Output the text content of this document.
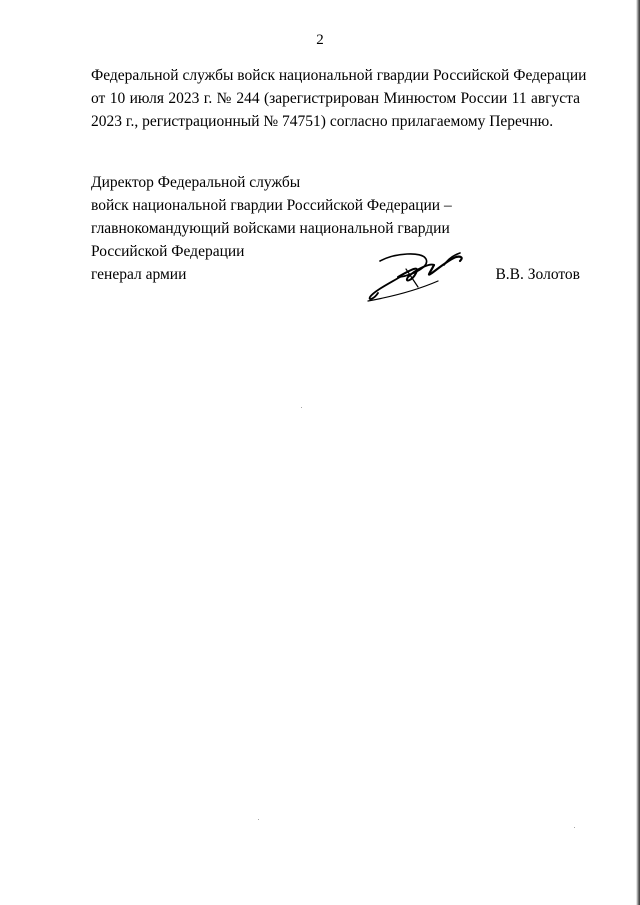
2
Федеральной службы войск национальной гвардии Российской Федерации
от 10 июля 2023 г. № 244 (зарегистрирован Минюстом России 11 августа
2023 г., регистрационный № 74751) согласно прилагаемому Перечню.
Директор Федеральной службы
войск национальной гвардии Российской Федерации –
главнокомандующий войсками национальной гвардии
Российской Федерации
генерал армии	В.В. Золотов
